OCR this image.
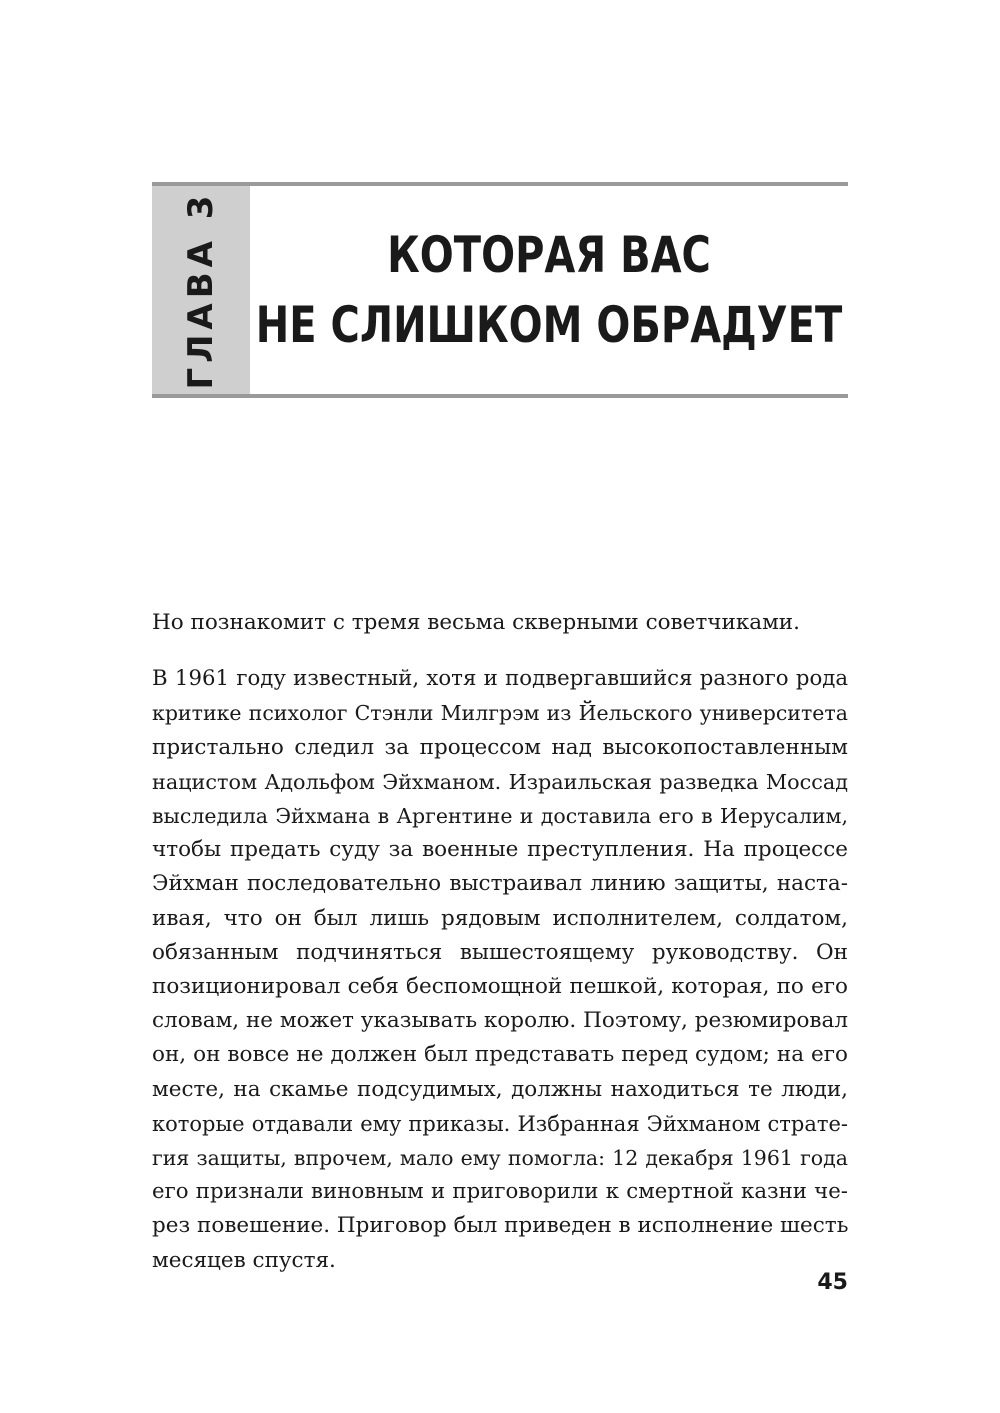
ГЛАВА 3	КОТОРАЯ ВАС
НЕ СЛИШКОМ ОБРАДУЕТ

Но познакомит с тремя весьма скверными советчиками.

В 1961 году известный, хотя и подвергавшийся разного рода
критике психолог Стэнли Милгрэм из Йельского университета
пристально следил за процессом над высокопоставленным
нацистом Адольфом Эйхманом. Израильская разведка Моссад
выследила Эйхмана в Аргентине и доставила его в Иерусалим,
чтобы предать суду за военные преступления. На процессе
Эйхман последовательно выстраивал линию защиты, наста-
ивая, что он был лишь рядовым исполнителем, солдатом,
обязанным подчиняться вышестоящему руководству. Он
позиционировал себя беспомощной пешкой, которая, по его
словам, не может указывать королю. Поэтому, резюмировал
он, он вовсе не должен был представать перед судом; на его
месте, на скамье подсудимых, должны находиться те люди,
которые отдавали ему приказы. Избранная Эйхманом страте-
гия защиты, впрочем, мало ему помогла: 12 декабря 1961 года
его признали виновным и приговорили к смертной казни че-
рез повешение. Приговор был приведен в исполнение шесть
месяцев спустя.
45
